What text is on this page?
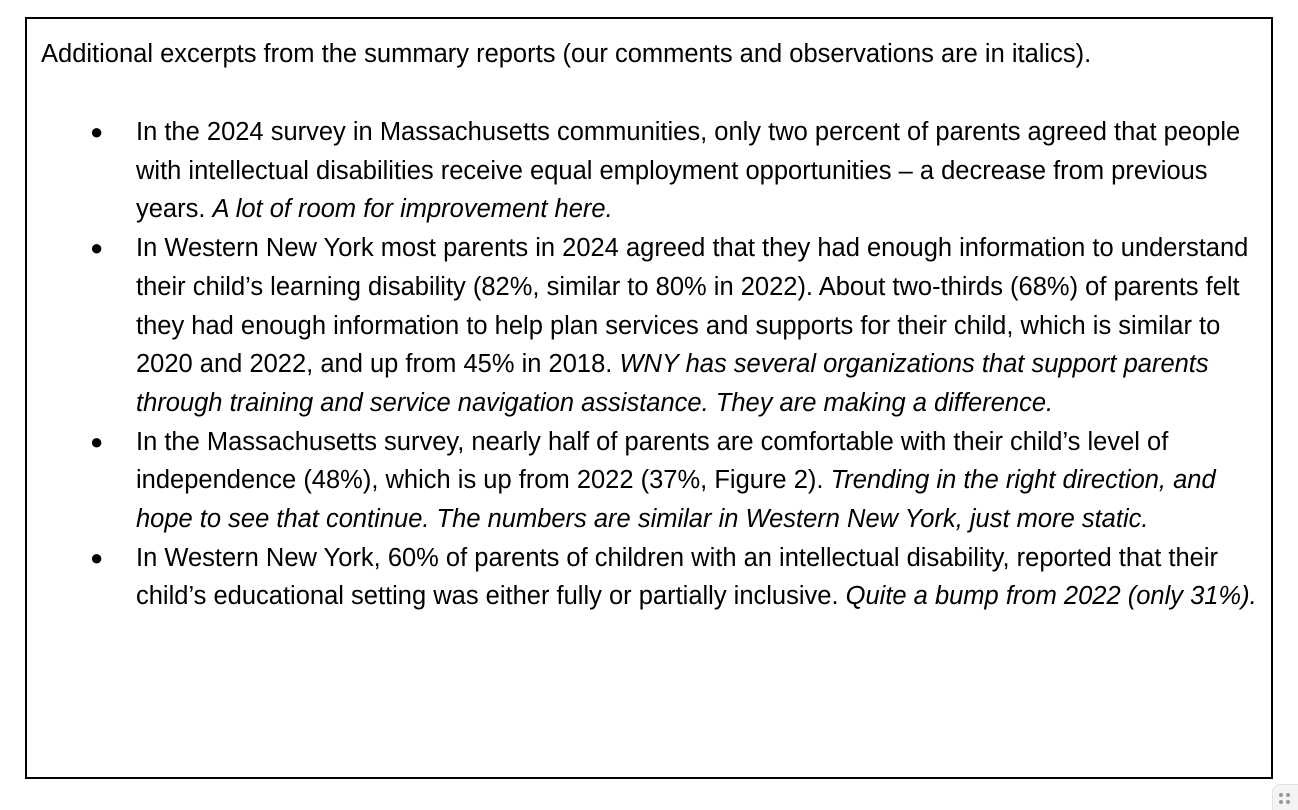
Additional excerpts from the summary reports (our comments and observations are in italics).

● In the 2024 survey in Massachusetts communities, only two percent of parents agreed that people with intellectual disabilities receive equal employment opportunities – a decrease from previous years. A lot of room for improvement here.
● In Western New York most parents in 2024 agreed that they had enough information to understand their child’s learning disability (82%, similar to 80% in 2022). About two-thirds (68%) of parents felt they had enough information to help plan services and supports for their child, which is similar to 2020 and 2022, and up from 45% in 2018. WNY has several organizations that support parents through training and service navigation assistance. They are making a difference.
● In the Massachusetts survey, nearly half of parents are comfortable with their child’s level of independence (48%), which is up from 2022 (37%, Figure 2). Trending in the right direction, and hope to see that continue. The numbers are similar in Western New York, just more static.
● In Western New York, 60% of parents of children with an intellectual disability, reported that their child’s educational setting was either fully or partially inclusive. Quite a bump from 2022 (only 31%).
